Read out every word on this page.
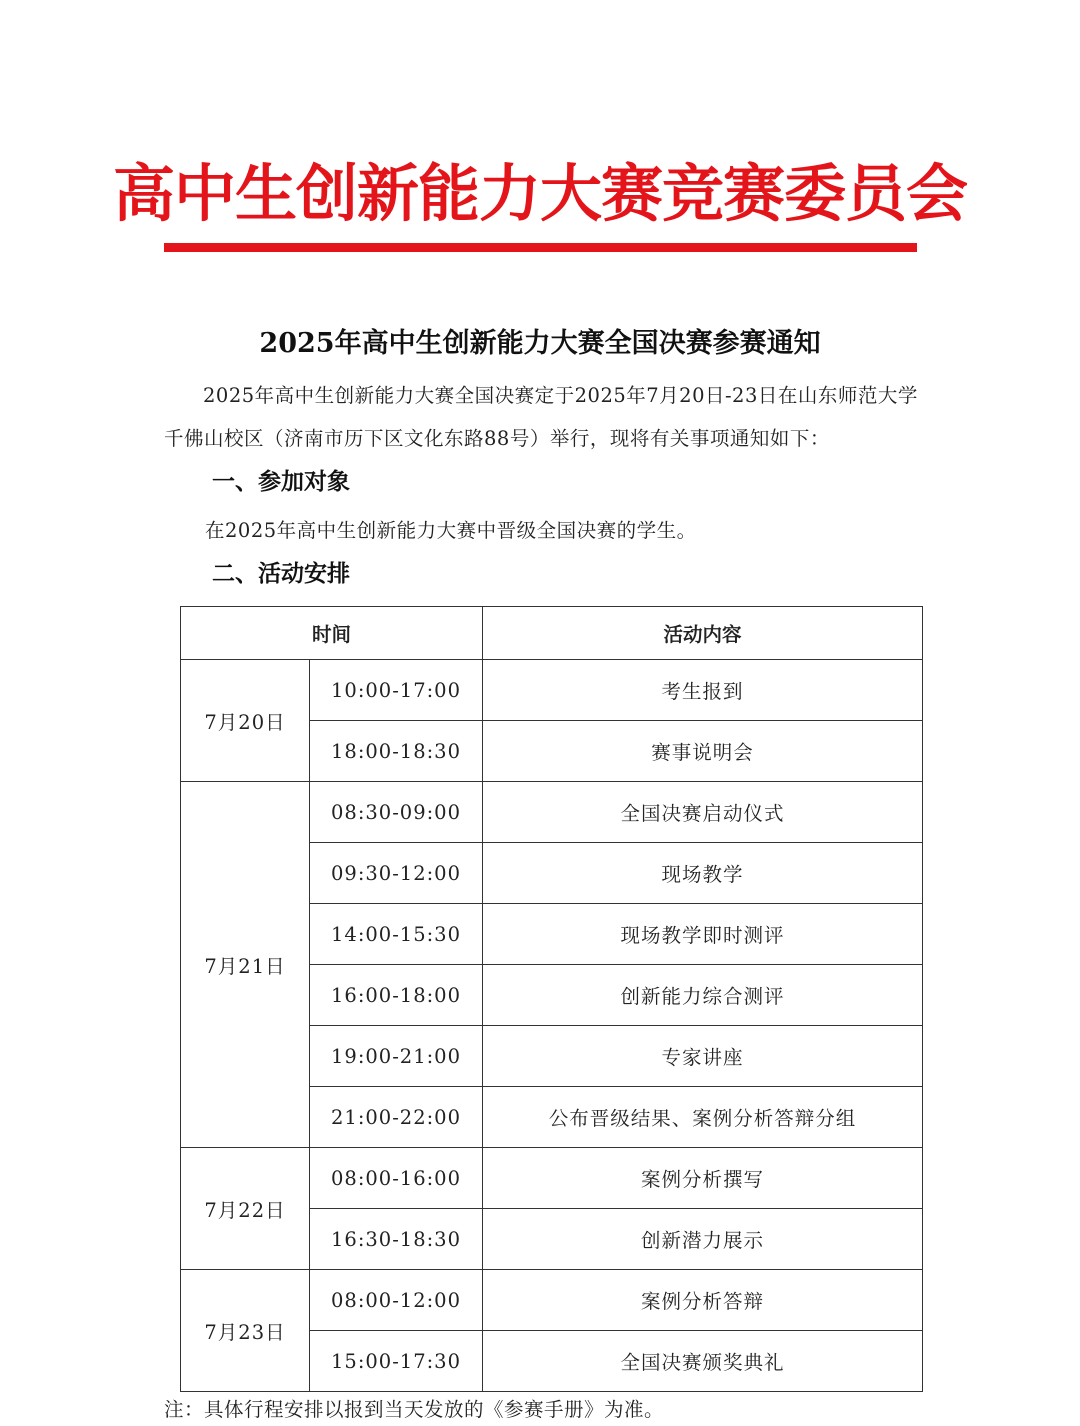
高中生创新能力大赛竞赛委员会
2025年高中生创新能力大赛全国决赛参赛通知
2025年高中生创新能力大赛全国决赛定于2025年7月20日-23日在山东师范大学千佛山校区（济南市历下区文化东路88号）举行，现将有关事项通知如下：
一、参加对象
在2025年高中生创新能力大赛中晋级全国决赛的学生。
二、活动安排
时间		活动内容
7月20日	10:00-17:00	考生报到
	18:00-18:30	赛事说明会
7月21日	08:30-09:00	全国决赛启动仪式
	09:30-12:00	现场教学
	14:00-15:30	现场教学即时测评
	16:00-18:00	创新能力综合测评
	19:00-21:00	专家讲座
	21:00-22:00	公布晋级结果、案例分析答辩分组
7月22日	08:00-16:00	案例分析撰写
	16:30-18:30	创新潜力展示
7月23日	08:00-12:00	案例分析答辩
	15:00-17:30	全国决赛颁奖典礼
注：具体行程安排以报到当天发放的《参赛手册》为准。
